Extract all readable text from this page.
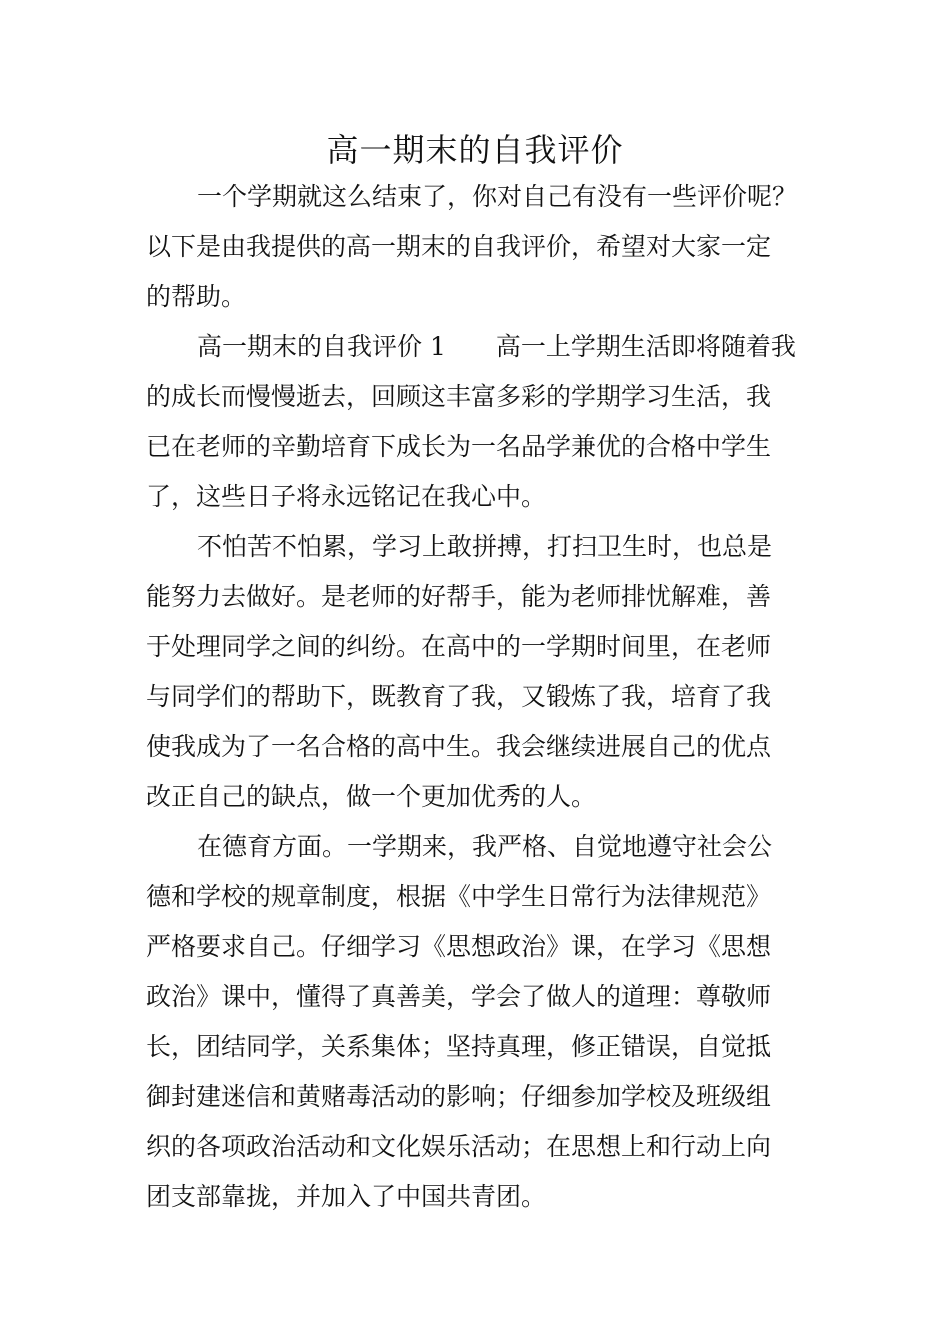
高一期末的自我评价
一个学期就这么结束了，你对自己有没有一些评价呢？
以下是由我提供的高一期末的自我评价，希望对大家一定
的帮助。
高一期末的自我评价 1　　高一上学期生活即将随着我
的成长而慢慢逝去，回顾这丰富多彩的学期学习生活，我
已在老师的辛勤培育下成长为一名品学兼优的合格中学生
了，这些日子将永远铭记在我心中。
不怕苦不怕累，学习上敢拼搏，打扫卫生时，也总是
能努力去做好。是老师的好帮手，能为老师排忧解难，善
于处理同学之间的纠纷。在高中的一学期时间里，在老师
与同学们的帮助下，既教育了我，又锻炼了我，培育了我
使我成为了一名合格的高中生。我会继续进展自己的优点
改正自己的缺点，做一个更加优秀的人。
在德育方面。一学期来，我严格、自觉地遵守社会公
德和学校的规章制度，根据《中学生日常行为法律规范》
严格要求自己。仔细学习《思想政治》课，在学习《思想
政治》课中，懂得了真善美，学会了做人的道理：尊敬师
长，团结同学，关系集体；坚持真理，修正错误，自觉抵
御封建迷信和黄赌毒活动的影响；仔细参加学校及班级组
织的各项政治活动和文化娱乐活动；在思想上和行动上向
团支部靠拢，并加入了中国共青团。
